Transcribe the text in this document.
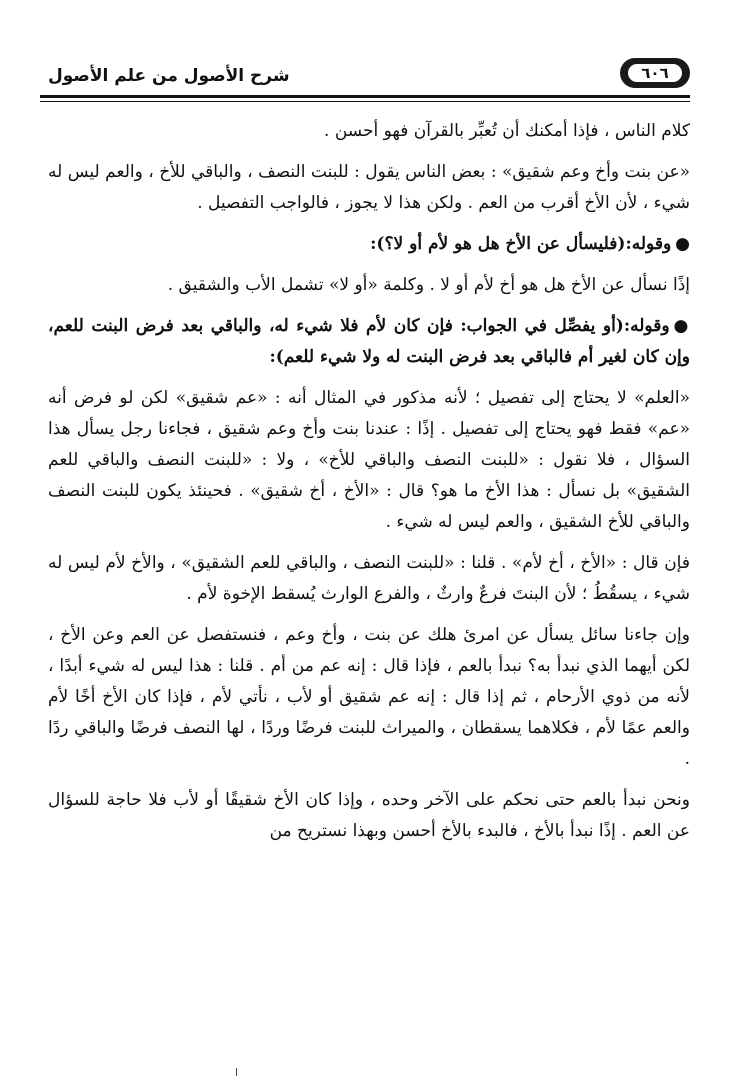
شرح الأصول من علم الأصول	٦٠٦

كلام الناس ، فإذا أمكنك أن تُعبِّر بالقرآن فهو أحسن .

«عن بنت وأخ وعم شقيق» : بعض الناس يقول : للبنت النصف ، والباقي للأخ ، والعم ليس له شيء ، لأن الأخ أقرب من العم . ولكن هذا لا يجوز ، فالواجب التفصيل .

●وقوله:(فليسأل عن الأخ هل هو لأم أو لا؟):

إذًا نسأل عن الأخ هل هو أخ لأم أو لا . وكلمة «أو لا» تشمل الأب والشقيق .

●وقوله:(أو يفصِّل في الجواب: فإن كان لأم فلا شيء له، والباقي بعد فرض البنت للعم، وإن كان لغير أم فالباقي بعد فرض البنت له ولا شيء للعم):

«العلم» لا يحتاج إلى تفصيل ؛ لأنه مذكور في المثال أنه : «عم شقيق» لكن لو فرض أنه «عم» فقط فهو يحتاج إلى تفصيل . إذًا : عندنا بنت وأخ وعم شقيق ، فجاءنا رجل يسأل هذا السؤال ، فلا نقول : «للبنت النصف والباقي للأخ» ، ولا : «للبنت النصف والباقي للعم الشقيق» بل نسأل : هذا الأخ ما هو؟ قال : «الأخ ، أخ شقيق» . فحينئذ يكون للبنت النصف والباقي للأخ الشقيق ، والعم ليس له شيء .

فإن قال : «الأخ ، أخ لأم» . قلنا : «للبنت النصف ، والباقي للعم الشقيق» ، والأخ لأم ليس له شيء ، يسقُطُ ؛ لأن البنتَ فرعٌ وارثٌ ، والفرع الوارث يُسقط الإخوة لأم .

وإن جاءنا سائل يسأل عن امرئ هلك عن بنت ، وأخ وعم ، فنستفصل عن العم وعن الأخ ، لكن أيهما الذي نبدأ به؟ نبدأ بالعم ، فإذا قال : إنه عم من أم . قلنا : هذا ليس له شيء أبدًا ، لأنه من ذوي الأرحام ، ثم إذا قال : إنه عم شقيق أو لأب ، نأتي لأم ، فإذا كان الأخ أخًا لأم والعم عمًا لأم ، فكلاهما يسقطان ، والميراث للبنت فرضًا وردًا ، لها النصف فرضًا والباقي ردًا .

ونحن نبدأ بالعم حتى نحكم على الآخر وحده ، وإذا كان الأخ شقيقًا أو لأب فلا حاجة للسؤال عن العم . إذًا نبدأ بالأخ ، فالبدء بالأخ أحسن وبهذا نستريح من
